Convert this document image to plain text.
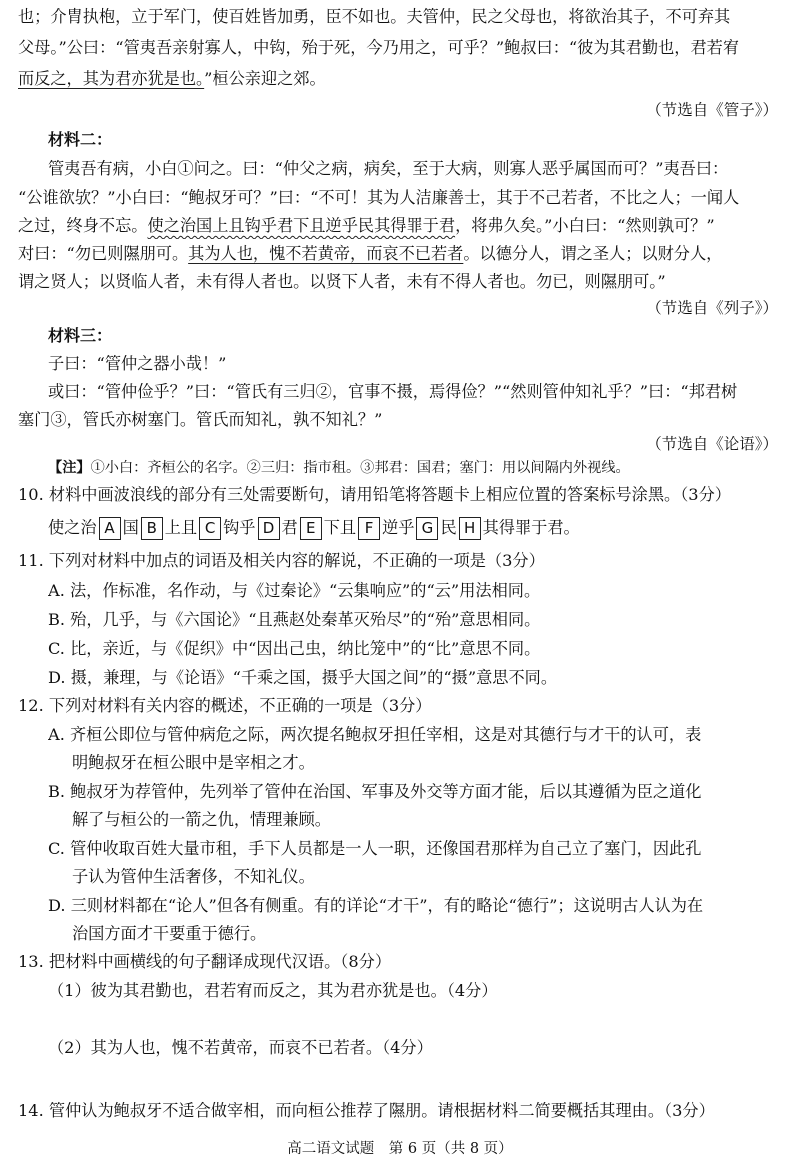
也；介胄执枹，立于军门，使百姓皆加勇，臣不如也。夫管仲，民之父母也，将欲治其子，不可弃其
父母。”公曰：“管夷吾亲射寡人，中钩，殆于死，今乃用之，可乎？”鲍叔曰：“彼为其君勤也，君若宥
而反之，其为君亦犹是也。”桓公亲迎之郊。
（节选自《管子》）
材料二：
管夷吾有病，小白①问之。曰：“仲父之病，病矣，至于大病，则寡人恶乎属国而可？”夷吾曰：
“公谁欲欤？”小白曰：“鲍叔牙可？”曰：“不可！其为人洁廉善士，其于不己若者，不比之人；一闻人
之过，终身不忘。使之治国上且钩乎君下且逆乎民其得罪于君，将弗久矣。”小白曰：“然则孰可？”
对曰：“勿已则隰朋可。其为人也，愧不若黄帝，而哀不已若者。以德分人，谓之圣人；以财分人，
谓之贤人；以贤临人者，未有得人者也。以贤下人者，未有不得人者也。勿已，则隰朋可。”
（节选自《列子》）
材料三：
子曰：“管仲之器小哉！”
或曰：“管仲俭乎？”曰：“管氏有三归②，官事不摄，焉得俭？”“然则管仲知礼乎？”曰：“邦君树
塞门③，管氏亦树塞门。管氏而知礼，孰不知礼？”
（节选自《论语》）
【注】①小白：齐桓公的名字。②三归：指市租。③邦君：国君；塞门：用以间隔内外视线。
10. 材料中画波浪线的部分有三处需要断句，请用铅笔将答题卡上相应位置的答案标号涂黑。（3分）
使之治 A 国 B 上且 C 钩乎 D 君 E 下且 F 逆乎 G 民 H 其得罪于君。
11. 下列对材料中加点的词语及相关内容的解说，不正确的一项是（3分）
A. 法，作标准，名作动，与《过秦论》“云集响应”的“云”用法相同。
B. 殆，几乎，与《六国论》“且燕赵处秦革灭殆尽”的“殆”意思相同。
C. 比，亲近，与《促织》中“因出己虫，纳比笼中”的“比”意思不同。
D. 摄，兼理，与《论语》“千乘之国，摄乎大国之间”的“摄”意思不同。
12. 下列对材料有关内容的概述，不正确的一项是（3分）
A. 齐桓公即位与管仲病危之际，两次提名鲍叔牙担任宰相，这是对其德行与才干的认可，表
明鲍叔牙在桓公眼中是宰相之才。
B. 鲍叔牙为荐管仲，先列举了管仲在治国、军事及外交等方面才能，后以其遵循为臣之道化
解了与桓公的一箭之仇，情理兼顾。
C. 管仲收取百姓大量市租，手下人员都是一人一职，还像国君那样为自己立了塞门，因此孔
子认为管仲生活奢侈，不知礼仪。
D. 三则材料都在“论人”但各有侧重。有的详论“才干”，有的略论“德行”；这说明古人认为在
治国方面才干要重于德行。
13. 把材料中画横线的句子翻译成现代汉语。（8分）
（1）彼为其君勤也，君若宥而反之，其为君亦犹是也。（4分）
（2）其为人也，愧不若黄帝，而哀不已若者。（4分）
14. 管仲认为鲍叔牙不适合做宰相，而向桓公推荐了隰朋。请根据材料二简要概括其理由。（3分）
高二语文试题　第 6 页（共 8 页）
